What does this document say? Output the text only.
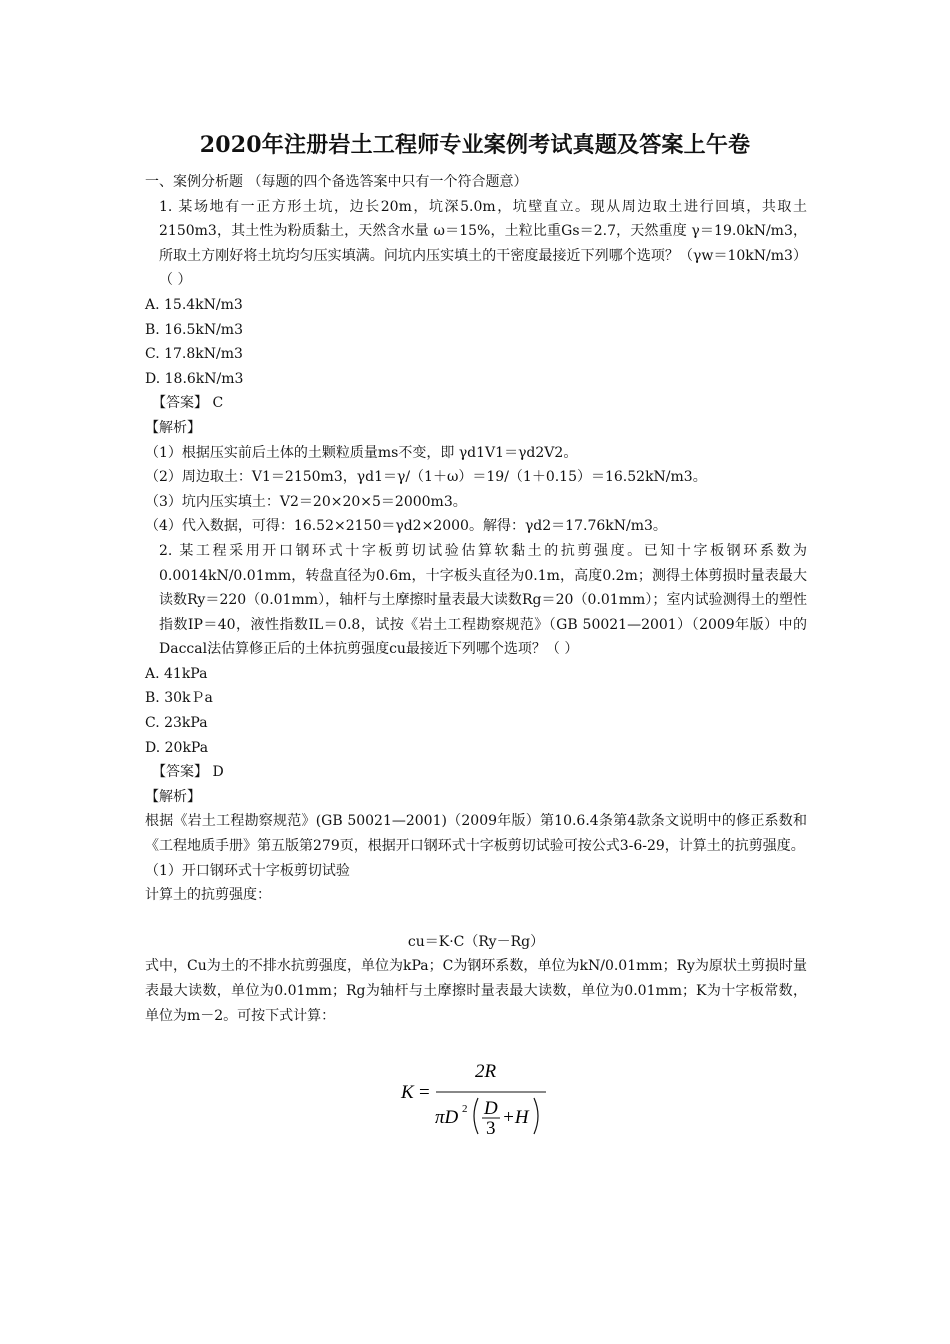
2020年注册岩土工程师专业案例考试真题及答案上午卷

一、案例分析题 （每题的四个备选答案中只有一个符合题意）

1. 某场地有一正方形土坑，边长20m，坑深5.0m，坑壁直立。现从周边取土进行回填，共取土2150m3，其土性为粉质黏土，天然含水量 ω＝15%，土粒比重Gs＝2.7，天然重度 γ＝19.0kN/m3，所取土方刚好将土坑均匀压实填满。问坑内压实填土的干密度最接近下列哪个选项？（γw＝10kN/m3）（ ）

A. 15.4kN/m3

B. 16.5kN/m3

C. 17.8kN/m3

D. 18.6kN/m3

【答案】 C

【解析】

（1）根据压实前后土体的土颗粒质量ms不变，即 γd1V1＝γd2V2。

（2）周边取土：V1＝2150m3，γd1＝γ/（1＋ω）＝19/（1＋0.15）＝16.52kN/m3。

（3）坑内压实填土：V2＝20×20×5＝2000m3。

（4）代入数据，可得：16.52×2150＝γd2×2000。解得：γd2＝17.76kN/m3。

2. 某工程采用开口钢环式十字板剪切试验估算软黏土的抗剪强度。已知十字板钢环系数为0.0014kN/0.01mm，转盘直径为0.6m，十字板头直径为0.1m，高度0.2m；测得土体剪损时量表最大读数Ry＝220（0.01mm），轴杆与土摩擦时量表最大读数Rg＝20（0.01mm）；室内试验测得土的塑性指数IP＝40，液性指数IL＝0.8，试按《岩土工程勘察规范》（GB 50021—2001）（2009年版）中的Daccal法估算修正后的土体抗剪强度cu最接近下列哪个选项？（ ）

A. 41kPa

B. 30kＰa

C. 23kPa

D. 20kPa

【答案】 D

【解析】

根据《岩土工程勘察规范》(GB 50021—2001)（2009年版）第10.6.4条第4款条文说明中的修正系数和《工程地质手册》第五版第279页，根据开口钢环式十字板剪切试验可按公式3-6-29，计算土的抗剪强度。

（1）开口钢环式十字板剪切试验

计算土的抗剪强度：

cu＝K·C（Ry－Rg）

式中，Cu为土的不排水抗剪强度，单位为kPa；C为钢环系数，单位为kN/0.01mm；Ry为原状土剪损时量表最大读数，单位为0.01mm；Rg为轴杆与土摩擦时量表最大读数，单位为0.01mm；K为十字板常数，单位为m－2。可按下式计算：

K =
2R
πD 2 D
3
+H
